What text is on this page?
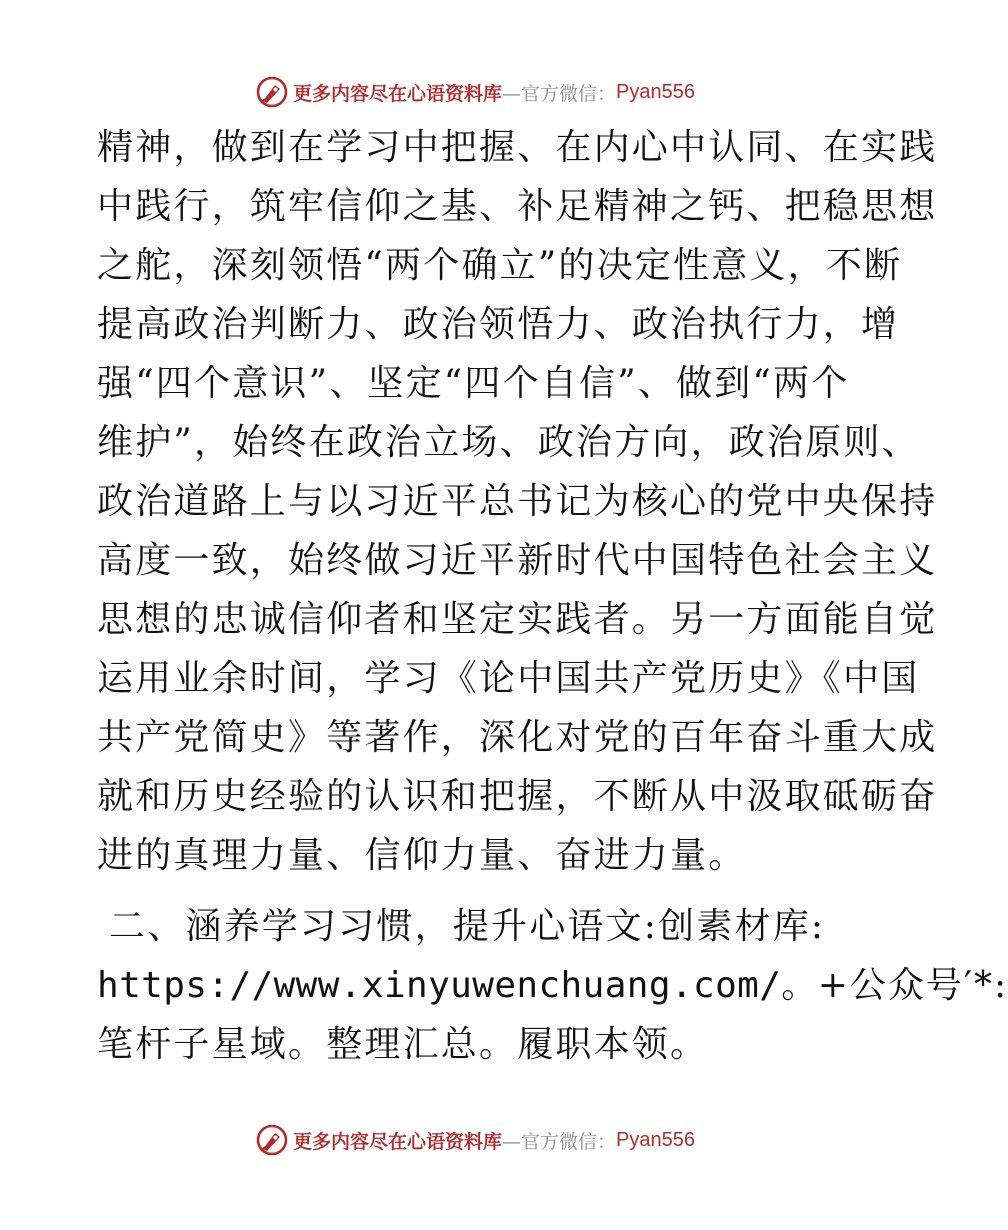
更多内容尽在心语资料库 —官方微信： Pyan556

精神，做到在学习中把握、在内心中认同、在实践

中践行，筑牢信仰之基、补足精神之钙、把稳思想

之舵，深刻领悟“两个确立”的决定性意义，不断

提高政治判断力、政治领悟力、政治执行力，增

强“四个意识”、坚定“四个自信”、做到“两个

维护”，始终在政治立场、政治方向，政治原则、

政治道路上与以习近平总书记为核心的党中央保持

高度一致，始终做习近平新时代中国特色社会主义

思想的忠诚信仰者和坚定实践者。另一方面能自觉

运用业余时间，学习《论中国共产党历史》《中国

共产党简史》等著作，深化对党的百年奋斗重大成

就和历史经验的认识和把握，不断从中汲取砥砺奋

进的真理力量、信仰力量、奋进力量。

二、涵养学习习惯，提升心语文:创素材库:

https://www.xinyuwenchuang.com/。+公众号′*:

笔杆子星域。整理汇总。履职本领。

更多内容尽在心语资料库 —官方微信： Pyan556
